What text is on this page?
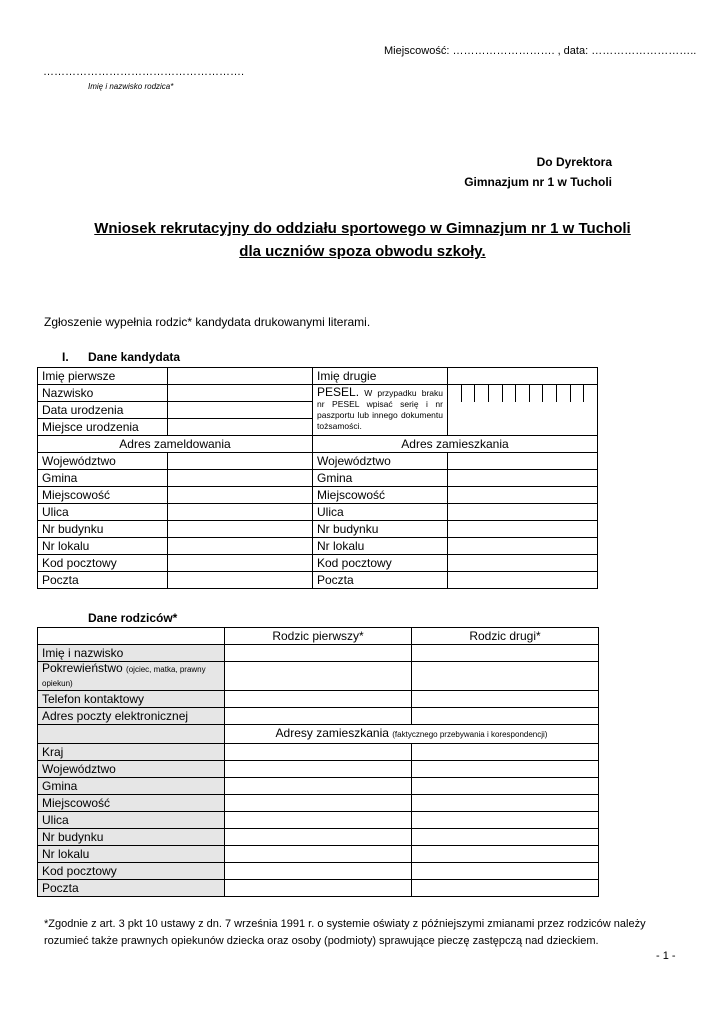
Miejscowość: ………………………. , data: ………………………..
……………………………………………….
Imię i nazwisko rodzica*
Do Dyrektora
Gimnazjum nr 1 w Tucholi
Wniosek rekrutacyjny do oddziału sportowego w Gimnazjum nr 1 w Tucholi
dla uczniów spoza obwodu szkoły.
Zgłoszenie wypełnia rodzic* kandydata drukowanymi literami.
I. Dane kandydata
Imię pierwsze		Imię drugie	
Nazwisko		PESEL. W przypadku braku nr PESEL wpisać serię i nr paszportu lub innego dokumentu tożsamości.	

Data urodzenia			
Miejsce urodzenia			
Adres zameldowania		Adres zamieszkania	
Województwo		Województwo	
Gmina		Gmina	
Miejscowość		Miejscowość	
Ulica		Ulica	
Nr budynku		Nr budynku	
Nr lokalu		Nr lokalu	
Kod pocztowy		Kod pocztowy	
Poczta		Poczta	
Dane rodziców*
	Rodzic pierwszy*	Rodzic drugi*
Imię i nazwisko		
Pokrewieństwo (ojciec, matka, prawny opiekun)		
Telefon kontaktowy		
Adres poczty elektronicznej		
	Adresy zamieszkania (faktycznego przebywania i korespondencji)	
Kraj		
Województwo		
Gmina		
Miejscowość		
Ulica		
Nr budynku		
Nr lokalu		
Kod pocztowy		
Poczta		
*Zgodnie z art. 3 pkt 10 ustawy z dn. 7 września 1991 r. o systemie oświaty z późniejszymi zmianami przez rodziców należy rozumieć także prawnych opiekunów dziecka oraz osoby (podmioty) sprawujące pieczę zastępczą nad dzieckiem.
- 1 -
